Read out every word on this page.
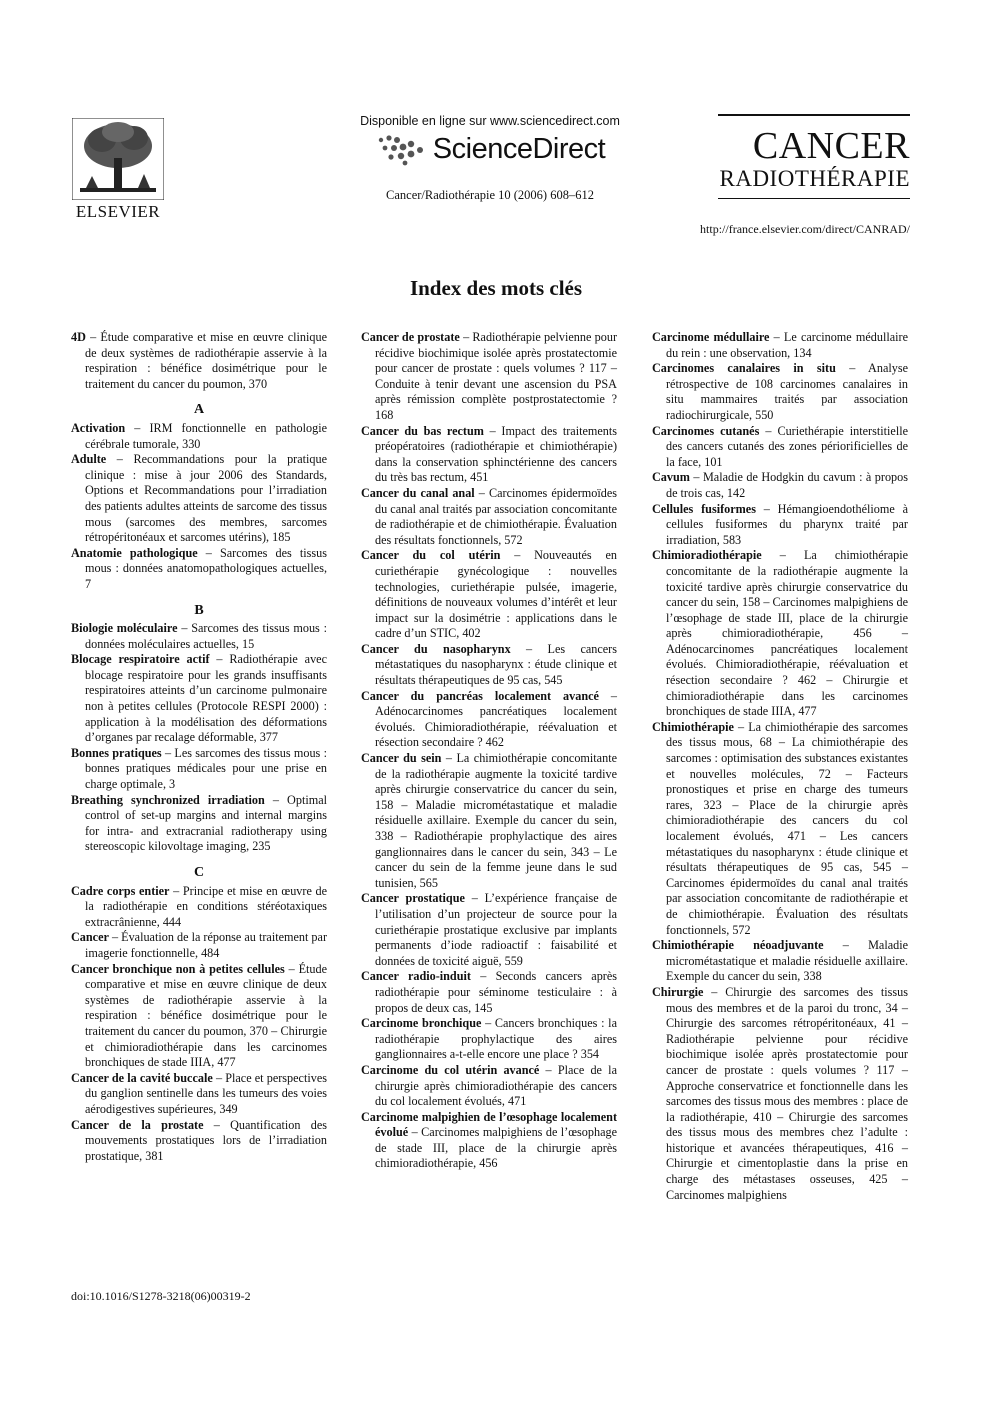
ELSEVIER
Disponible en ligne sur www.sciencedirect.com
ScienceDirect
Cancer/Radiothérapie 10 (2006) 608–612
CANCER
RADIOTHÉRAPIE
http://france.elsevier.com/direct/CANRAD/
Index des mots clés
4D – Étude comparative et mise en œuvre clinique de deux systèmes de radiothérapie asservie à la respiration : bénéfice dosimétrique pour le traitement du cancer du poumon, 370
A
Activation – IRM fonctionnelle en pathologie cérébrale tumorale, 330
Adulte – Recommandations pour la pratique clinique : mise à jour 2006 des Standards, Options et Recommandations pour l’irradiation des patients adultes atteints de sarcome des tissus mous (sarcomes des membres, sarcomes rétropéritonéaux et sarcomes utérins), 185
Anatomie pathologique – Sarcomes des tissus mous : données anatomopathologiques actuelles, 7
B
Biologie moléculaire – Sarcomes des tissus mous : données moléculaires actuelles, 15
Blocage respiratoire actif – Radiothérapie avec blocage respiratoire pour les grands insuffisants respiratoires atteints d’un carcinome pulmonaire non à petites cellules (Protocole RESPI 2000) : application à la modélisation des déformations d’organes par recalage déformable, 377
Bonnes pratiques – Les sarcomes des tissus mous : bonnes pratiques médicales pour une prise en charge optimale, 3
Breathing synchronized irradiation – Optimal control of set-up margins and internal margins for intra- and extracranial radiotherapy using stereoscopic kilovoltage imaging, 235
C
Cadre corps entier – Principe et mise en œuvre de la radiothérapie en conditions stéréotaxiques extracrânienne, 444
Cancer – Évaluation de la réponse au traitement par imagerie fonctionnelle, 484
Cancer bronchique non à petites cellules – Étude comparative et mise en œuvre clinique de deux systèmes de radiothérapie asservie à la respiration : bénéfice dosimétrique pour le traitement du cancer du poumon, 370 – Chirurgie et chimioradiothérapie dans les carcinomes bronchiques de stade IIIA, 477
Cancer de la cavité buccale – Place et perspectives du ganglion sentinelle dans les tumeurs des voies aérodigestives supérieures, 349
Cancer de la prostate – Quantification des mouvements prostatiques lors de l’irradiation prostatique, 381
Cancer de prostate – Radiothérapie pelvienne pour récidive biochimique isolée après prostatectomie pour cancer de prostate : quels volumes ? 117 – Conduite à tenir devant une ascension du PSA après rémission complète postprostatectomie ? 168
Cancer du bas rectum – Impact des traitements préopératoires (radiothérapie et chimiothérapie) dans la conservation sphinctérienne des cancers du très bas rectum, 451
Cancer du canal anal – Carcinomes épidermoïdes du canal anal traités par association concomitante de radiothérapie et de chimiothérapie. Évaluation des résultats fonctionnels, 572
Cancer du col utérin – Nouveautés en curiethérapie gynécologique : nouvelles technologies, curiethérapie pulsée, imagerie, définitions de nouveaux volumes d’intérêt et leur impact sur la dosimétrie : applications dans le cadre d’un STIC, 402
Cancer du nasopharynx – Les cancers métastatiques du nasopharynx : étude clinique et résultats thérapeutiques de 95 cas, 545
Cancer du pancréas localement avancé – Adénocarcinomes pancréatiques localement évolués. Chimioradiothérapie, réévaluation et résection secondaire ? 462
Cancer du sein – La chimiothérapie concomitante de la radiothérapie augmente la toxicité tardive après chirurgie conservatrice du cancer du sein, 158 – Maladie micrométastatique et maladie résiduelle axillaire. Exemple du cancer du sein, 338 – Radiothérapie prophylactique des aires ganglionnaires dans le cancer du sein, 343 – Le cancer du sein de la femme jeune dans le sud tunisien, 565
Cancer prostatique – L’expérience française de l’utilisation d’un projecteur de source pour la curiethérapie prostatique exclusive par implants permanents d’iode radioactif : faisabilité et données de toxicité aiguë, 559
Cancer radio-induit – Seconds cancers après radiothérapie pour séminome testiculaire : à propos de deux cas, 145
Carcinome bronchique – Cancers bronchiques : la radiothérapie prophylactique des aires ganglionnaires a-t-elle encore une place ? 354
Carcinome du col utérin avancé – Place de la chirurgie après chimioradiothérapie des cancers du col localement évolués, 471
Carcinome malpighien de l’œsophage localement évolué – Carcinomes malpighiens de l’œsophage de stade III, place de la chirurgie après chimioradiothérapie, 456
Carcinome médullaire – Le carcinome médullaire du rein : une observation, 134
Carcinomes canalaires in situ – Analyse rétrospective de 108 carcinomes canalaires in situ mammaires traités par association radiochirurgicale, 550
Carcinomes cutanés – Curiethérapie interstitielle des cancers cutanés des zones périorificielles de la face, 101
Cavum – Maladie de Hodgkin du cavum : à propos de trois cas, 142
Cellules fusiformes – Hémangioendothéliome à cellules fusiformes du pharynx traité par irradiation, 583
Chimioradiothérapie – La chimiothérapie concomitante de la radiothérapie augmente la toxicité tardive après chirurgie conservatrice du cancer du sein, 158 – Carcinomes malpighiens de l’œsophage de stade III, place de la chirurgie après chimioradiothérapie, 456 – Adénocarcinomes pancréatiques localement évolués. Chimioradiothérapie, réévaluation et résection secondaire ? 462 – Chirurgie et chimioradiothérapie dans les carcinomes bronchiques de stade IIIA, 477
Chimiothérapie – La chimiothérapie des sarcomes des tissus mous, 68 – La chimiothérapie des sarcomes : optimisation des substances existantes et nouvelles molécules, 72 – Facteurs pronostiques et prise en charge des tumeurs rares, 323 – Place de la chirurgie après chimioradiothérapie des cancers du col localement évolués, 471 – Les cancers métastatiques du nasopharynx : étude clinique et résultats thérapeutiques de 95 cas, 545 – Carcinomes épidermoïdes du canal anal traités par association concomitante de radiothérapie et de chimiothérapie. Évaluation des résultats fonctionnels, 572
Chimiothérapie néoadjuvante – Maladie micrométastatique et maladie résiduelle axillaire. Exemple du cancer du sein, 338
Chirurgie – Chirurgie des sarcomes des tissus mous des membres et de la paroi du tronc, 34 – Chirurgie des sarcomes rétropéritonéaux, 41 – Radiothérapie pelvienne pour récidive biochimique isolée après prostatectomie pour cancer de prostate : quels volumes ? 117 – Approche conservatrice et fonctionnelle dans les sarcomes des tissus mous des membres : place de la radiothérapie, 410 – Chirurgie des sarcomes des tissus mous des membres chez l’adulte : historique et avancées thérapeutiques, 416 – Chirurgie et cimentoplastie dans la prise en charge des métastases osseuses, 425 – Carcinomes malpighiens
doi:10.1016/S1278-3218(06)00319-2
